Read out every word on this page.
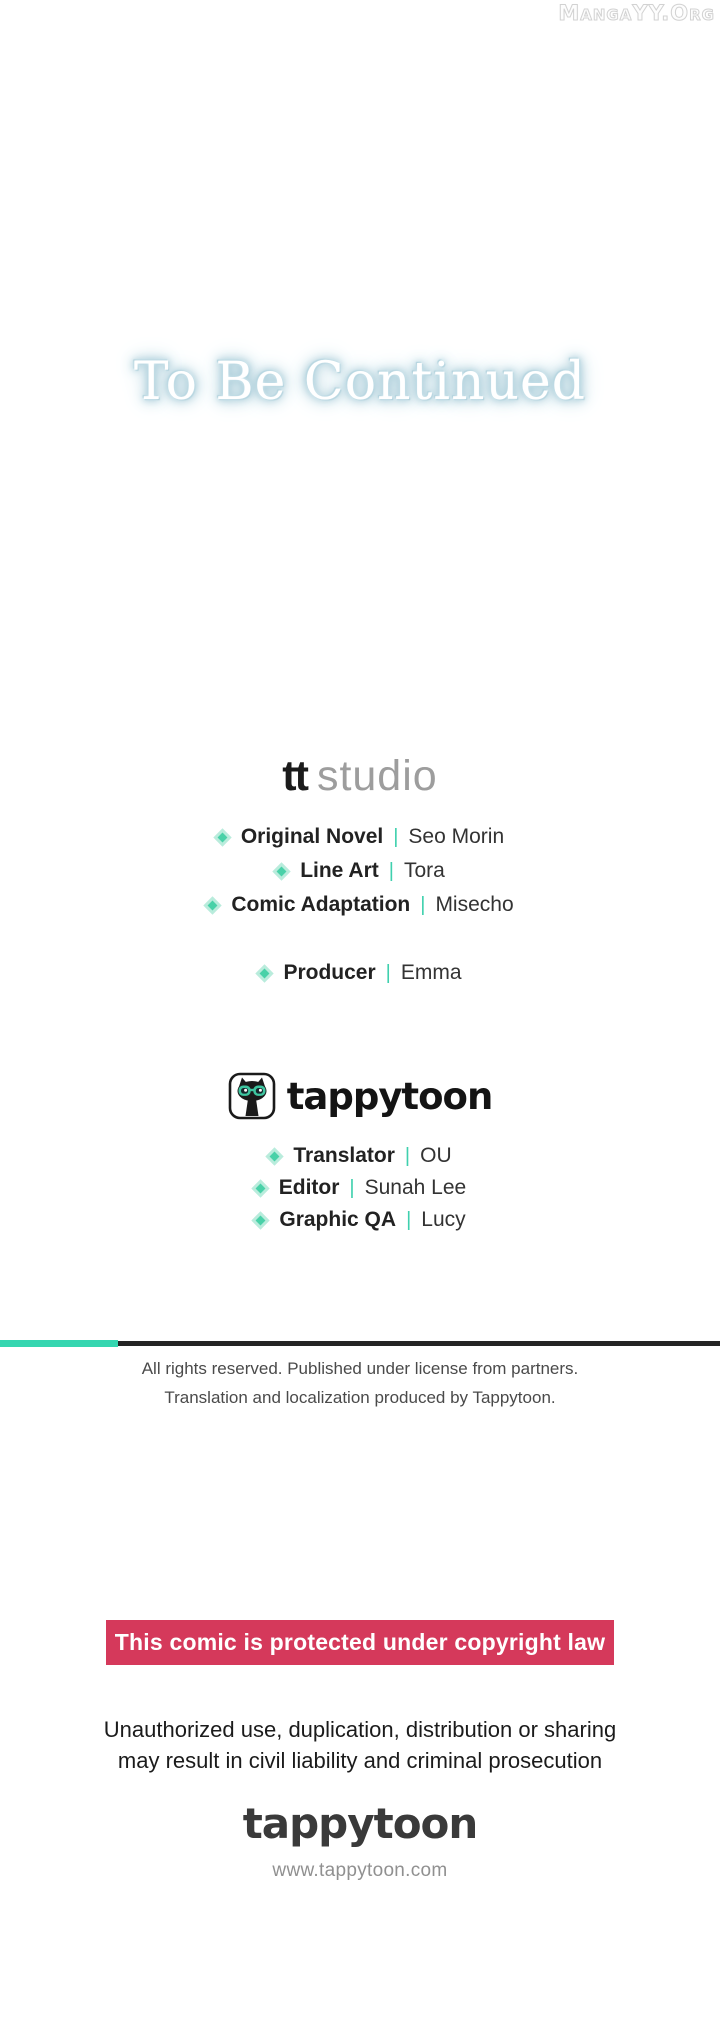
MangaYY.Org
To Be Continued
tt studio
Original Novel | Seo Morin
Line Art | Tora
Comic Adaptation | Misecho
Producer | Emma
tappytoon
Translator | OU
Editor | Sunah Lee
Graphic QA | Lucy
All rights reserved. Published under license from partners.
Translation and localization produced by Tappytoon.
This comic is protected under copyright law
Unauthorized use, duplication, distribution or sharing
may result in civil liability and criminal prosecution
tappytoon
www.tappytoon.com
